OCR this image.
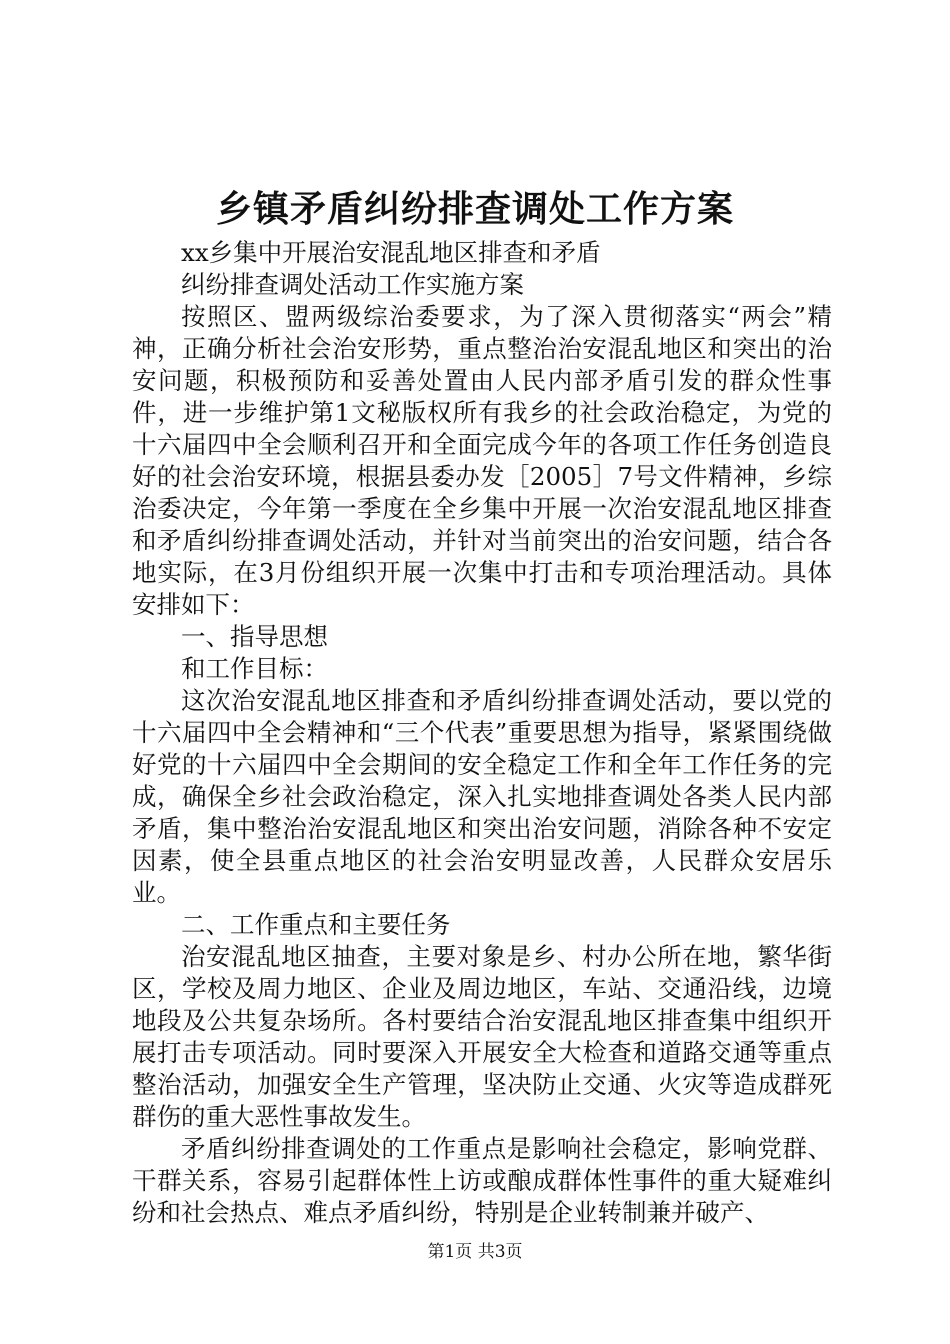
乡镇矛盾纠纷排查调处工作方案

xx乡集中开展治安混乱地区排查和矛盾

纠纷排查调处活动工作实施方案

按照区、盟两级综治委要求，为了深入贯彻落实“两会”精神，正确分析社会治安形势，重点整治治安混乱地区和突出的治安问题，积极预防和妥善处置由人民内部矛盾引发的群众性事件，进一步维护第1文秘版权所有我乡的社会政治稳定，为党的十六届四中全会顺利召开和全面完成今年的各项工作任务创造良好的社会治安环境，根据县委办发［2005］7号文件精神，乡综治委决定，今年第一季度在全乡集中开展一次治安混乱地区排查和矛盾纠纷排查调处活动，并针对当前突出的治安问题，结合各地实际，在3月份组织开展一次集中打击和专项治理活动。具体安排如下：

一、指导思想

和工作目标：

这次治安混乱地区排查和矛盾纠纷排查调处活动，要以党的十六届四中全会精神和“三个代表”重要思想为指导，紧紧围绕做好党的十六届四中全会期间的安全稳定工作和全年工作任务的完成，确保全乡社会政治稳定，深入扎实地排查调处各类人民内部矛盾，集中整治治安混乱地区和突出治安问题，消除各种不安定因素，使全县重点地区的社会治安明显改善，人民群众安居乐业。

二、工作重点和主要任务

治安混乱地区抽查，主要对象是乡、村办公所在地，繁华街区，学校及周力地区、企业及周边地区，车站、交通沿线，边境地段及公共复杂场所。各村要结合治安混乱地区排查集中组织开展打击专项活动。同时要深入开展安全大检查和道路交通等重点整治活动，加强安全生产管理，坚决防止交通、火灾等造成群死群伤的重大恶性事故发生。

矛盾纠纷排查调处的工作重点是影响社会稳定，影响党群、干群关系，容易引起群体性上访或酿成群体性事件的重大疑难纠纷和社会热点、难点矛盾纠纷，特别是企业转制兼并破产、

第1页 共3页
